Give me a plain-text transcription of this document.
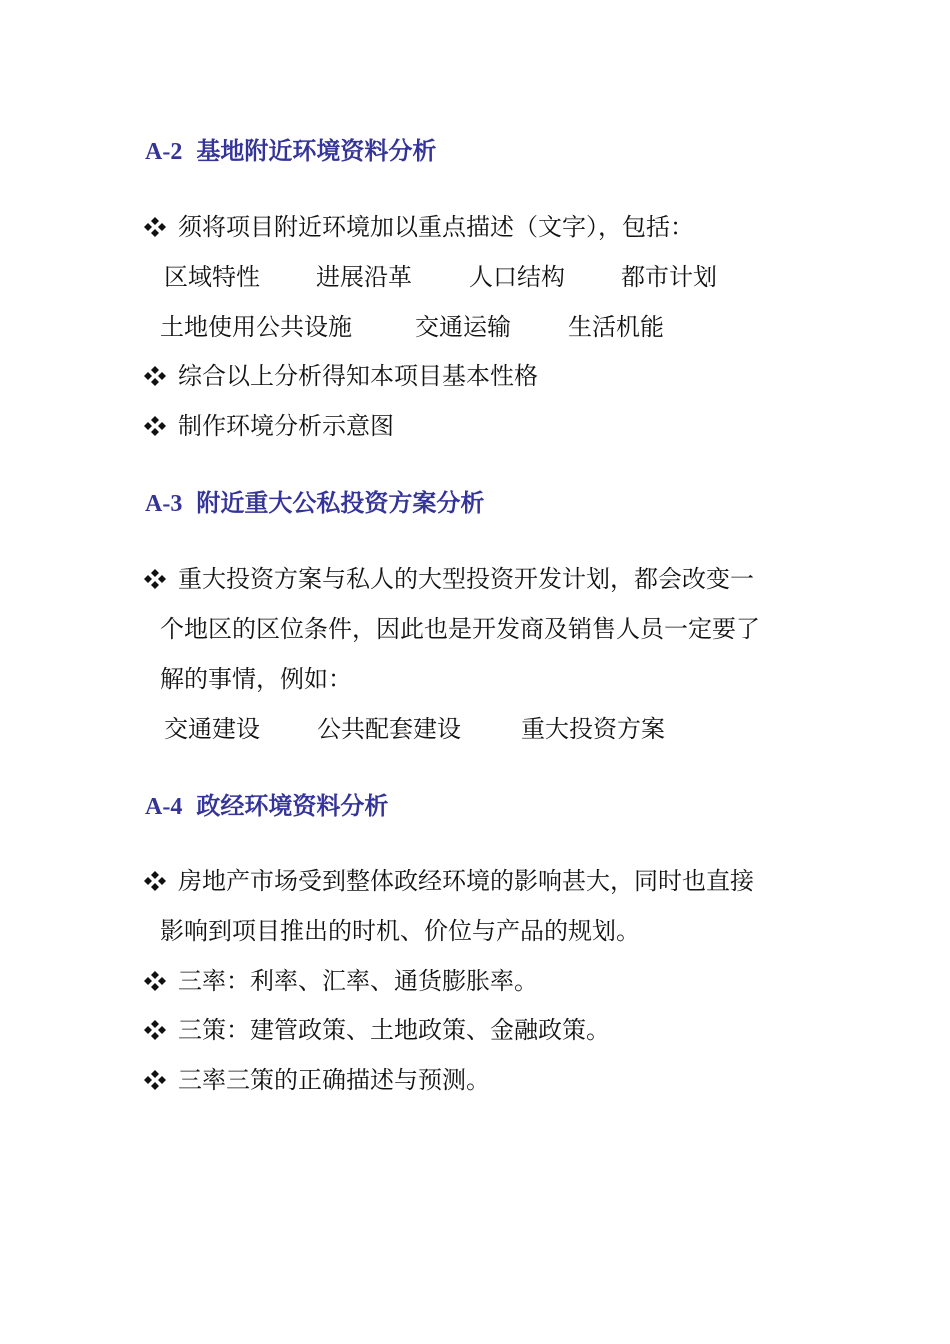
A-2 基地附近环境资料分析
须将项目附近环境加以重点描述（文字），包括：
区域特性 进展沿革 人口结构 都市计划
土地使用公共设施	交通运输 生活机能
综合以上分析得知本项目基本性格
制作环境分析示意图
A-3 附近重大公私投资方案分析
重大投资方案与私人的大型投资开发计划，都会改变一
个地区的区位条件，因此也是开发商及销售人员一定要了
解的事情，例如：
交通建设 公共配套建设	重大投资方案
A-4 政经环境资料分析
房地产市场受到整体政经环境的影响甚大，同时也直接
影响到项目推出的时机、价位与产品的规划。
三率：利率、汇率、通货膨胀率。
三策：建管政策、土地政策、金融政策。
三率三策的正确描述与预测。
